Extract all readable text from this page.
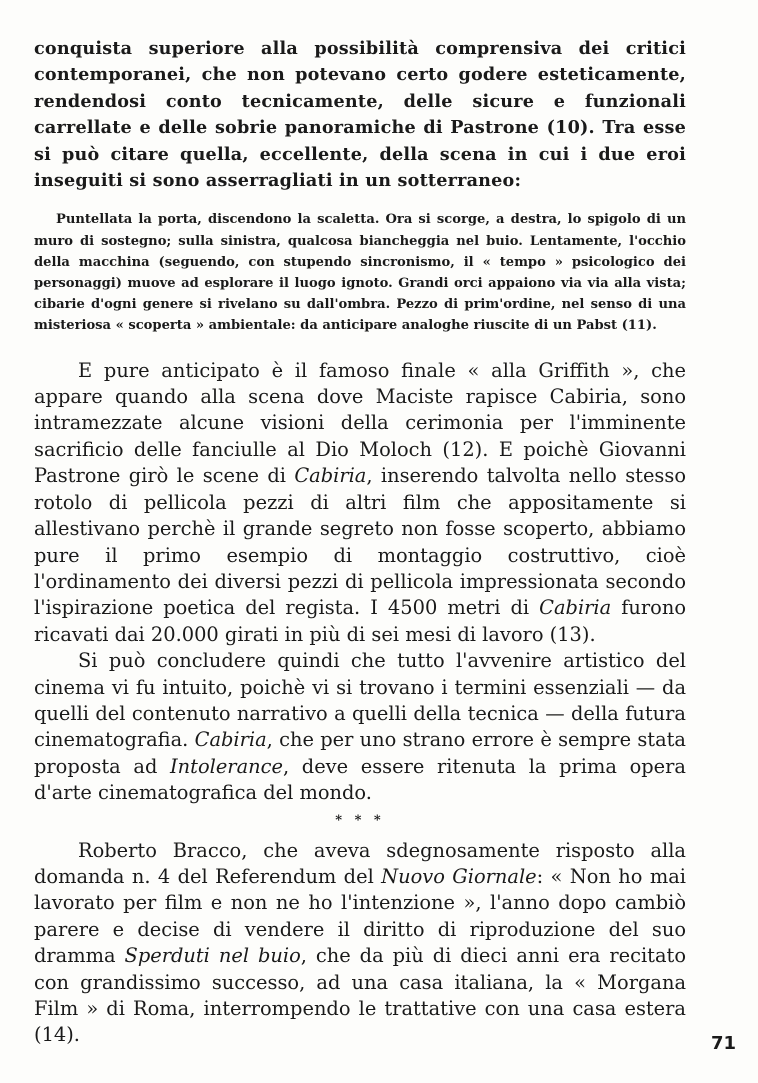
conquista superiore alla possibilità comprensiva dei critici contemporanei, che non potevano certo godere esteticamente, rendendosi conto tecnicamente, delle sicure e funzionali carrellate e delle sobrie panoramiche di Pastrone (10). Tra esse si può citare quella, eccellente, della scena in cui i due eroi inseguiti si sono asserragliati in un sotterraneo:

Puntellata la porta, discendono la scaletta. Ora si scorge, a destra, lo spigolo di un muro di sostegno; sulla sinistra, qualcosa biancheggia nel buio. Lentamente, l'occhio della macchina (seguendo, con stupendo sincronismo, il « tempo » psicologico dei personaggi) muove ad esplorare il luogo ignoto. Grandi orci appaiono via via alla vista; cibarie d'ogni genere si rivelano su dall'ombra. Pezzo di prim'ordine, nel senso di una misteriosa « scoperta » ambientale: da anticipare analoghe riuscite di un Pabst (11).

E pure anticipato è il famoso finale « alla Griffith », che appare quando alla scena dove Maciste rapisce Cabiria, sono intramezzate alcune visioni della cerimonia per l'imminente sacrificio delle fanciulle al Dio Moloch (12). E poichè Giovanni Pastrone girò le scene di Cabiria, inserendo talvolta nello stesso rotolo di pellicola pezzi di altri film che appositamente si allestivano perchè il grande segreto non fosse scoperto, abbiamo pure il primo esempio di montaggio costruttivo, cioè l'ordinamento dei diversi pezzi di pellicola impressionata secondo l'ispirazione poetica del regista. I 4500 metri di Cabiria furono ricavati dai 20.000 girati in più di sei mesi di lavoro (13).

Si può concludere quindi che tutto l'avvenire artistico del cinema vi fu intuito, poichè vi si trovano i termini essenziali — da quelli del contenuto narrativo a quelli della tecnica — della futura cinematografia. Cabiria, che per uno strano errore è sempre stata proposta ad Intolerance, deve essere ritenuta la prima opera d'arte cinematografica del mondo.

* * *

Roberto Bracco, che aveva sdegnosamente risposto alla domanda n. 4 del Referendum del Nuovo Giornale: « Non ho mai lavorato per film e non ne ho l'intenzione », l'anno dopo cambiò parere e decise di vendere il diritto di riproduzione del suo dramma Sperduti nel buio, che da più di dieci anni era recitato con grandissimo successo, ad una casa italiana, la « Morgana Film » di Roma, interrompendo le trattative con una casa estera (14).	71
